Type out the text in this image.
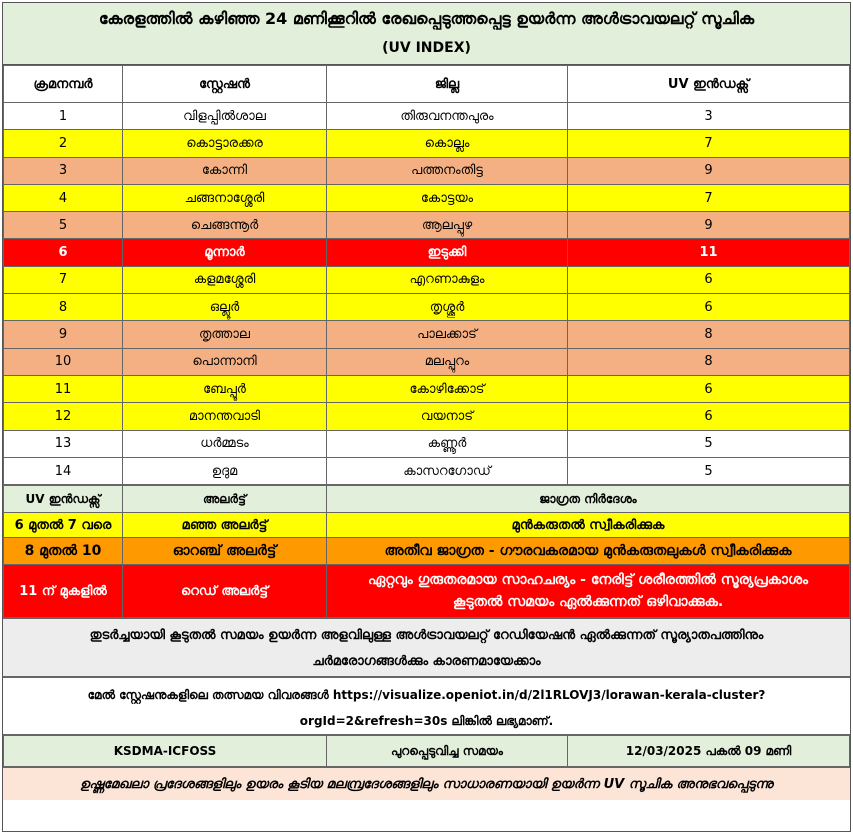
കേരളത്തിൽ കഴിഞ്ഞ 24 മണിക്കൂറിൽ രേഖപ്പെടുത്തപ്പെട്ട ഉയർന്ന അൾട്രാവയലറ്റ് സൂചിക
(UV INDEX)
ക്രമനമ്പർ	സ്റ്റേഷൻ	ജില്ല	UV ഇൻഡക്സ്
1	വിളപ്പിൽശാല	തിരുവനന്തപുരം	3
2	കൊട്ടാരക്കര	കൊല്ലം	7
3	കോന്നി	പത്തനംതിട്ട	9
4	ചങ്ങനാശ്ശേരി	കോട്ടയം	7
5	ചെങ്ങന്നൂർ	ആലപ്പുഴ	9
6	മൂന്നാർ	ഇടുക്കി	11
7	കളമശ്ശേരി	എറണാകുളം	6
8	ഒല്ലൂർ	തൃശ്ശൂർ	6
9	തൃത്താല	പാലക്കാട്	8
10	പൊന്നാനി	മലപ്പുറം	8
11	ബേപ്പൂർ	കോഴിക്കോട്	6
12	മാനന്തവാടി	വയനാട്	6
13	ധർമ്മടം	കണ്ണൂർ	5
14	ഉദുമ	കാസറഗോഡ്	5
UV ഇൻഡക്സ്	അലർട്ട്	ജാഗ്രത നിർദേശം
6 മുതൽ 7 വരെ	മഞ്ഞ അലർട്ട്	മുൻകരുതൽ സ്വീകരിക്കുക
8 മുതൽ 10	ഓറഞ്ച് അലർട്ട്	അതീവ ജാഗ്രത - ഗൗരവകരമായ മുൻകരുതലുകൾ സ്വീകരിക്കുക
11 ന് മുകളിൽ	റെഡ് അലർട്ട്	ഏറ്റവും ഗുരുതരമായ സാഹചര്യം - നേരിട്ട് ശരീരത്തിൽ സൂര്യപ്രകാശം
കൂടുതൽ സമയം ഏൽക്കുന്നത് ഒഴിവാക്കുക.
തുടർച്ചയായി കൂടുതൽ സമയം ഉയർന്ന അളവിലുള്ള അൾട്രാവയലറ്റ് റേഡിയേഷൻ ഏൽക്കുന്നത് സൂര്യാതപത്തിനും
ചർമരോഗങ്ങൾക്കും കാരണമായേക്കാം
മേൽ സ്റ്റേഷനുകളിലെ തത്സമയ വിവരങ്ങൾ https://visualize.openiot.in/d/2l1RLOVJ3/lorawan-kerala-cluster?orgId=2&refresh=30s ലിങ്കിൽ ലഭ്യമാണ്.
KSDMA-ICFOSS	പുറപ്പെടുവിച്ച സമയം	12/03/2025 പകൽ 09 മണി
ഉഷ്ണമേഖലാ പ്രദേശങ്ങളിലും ഉയരം കൂടിയ മലമ്പ്രദേശങ്ങളിലും സാധാരണയായി ഉയർന്ന UV സൂചിക അനുഭവപ്പെടുന്നു
